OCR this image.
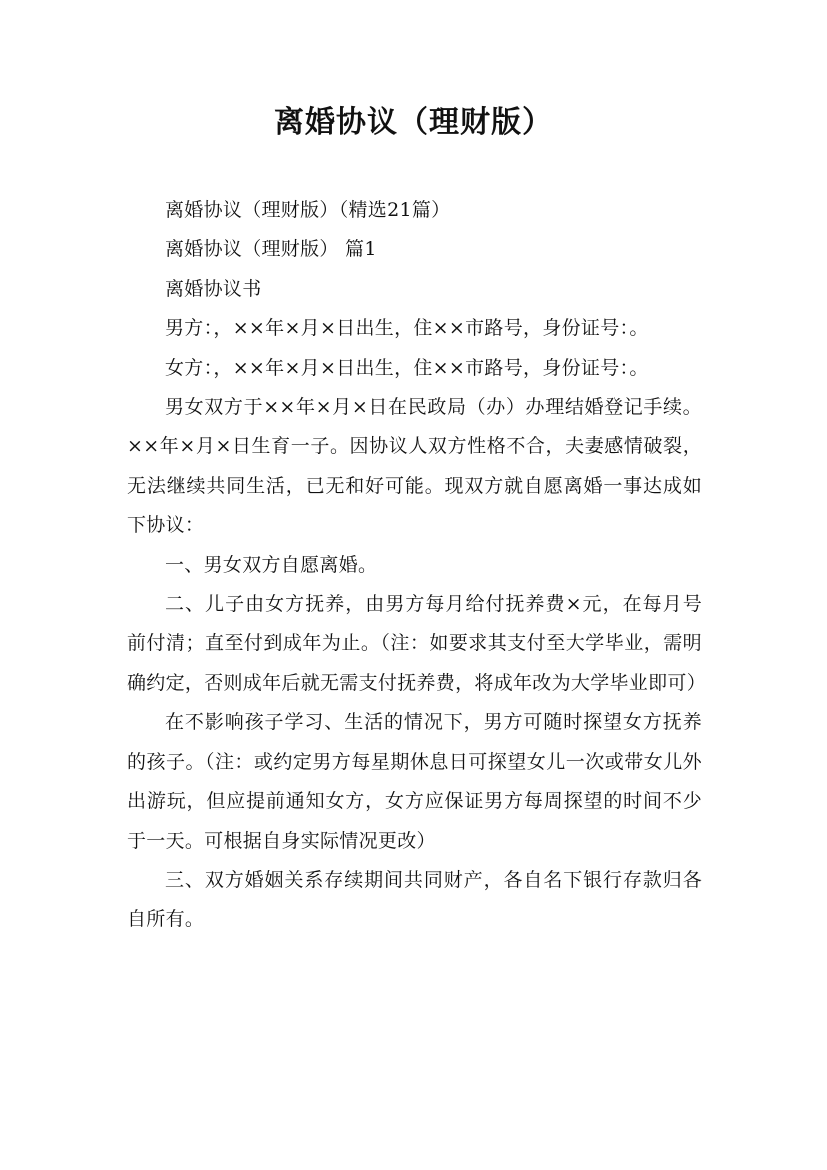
离婚协议（理财版）

离婚协议（理财版）（精选21篇）

离婚协议（理财版） 篇1

离婚协议书

男方：，××年×月×日出生，住××市路号，身份证号：。

女方：，××年×月×日出生，住××市路号，身份证号：。

男女双方于××年×月×日在民政局（办）办理结婚登记手续。××年×月×日生育一子。因协议人双方性格不合，夫妻感情破裂，无法继续共同生活，已无和好可能。现双方就自愿离婚一事达成如下协议：

一、男女双方自愿离婚。

二、儿子由女方抚养，由男方每月给付抚养费×元，在每月号前付清；直至付到成年为止。（注：如要求其支付至大学毕业，需明确约定，否则成年后就无需支付抚养费，将成年改为大学毕业即可）

在不影响孩子学习、生活的情况下，男方可随时探望女方抚养的孩子。（注：或约定男方每星期休息日可探望女儿一次或带女儿外出游玩，但应提前通知女方，女方应保证男方每周探望的时间不少于一天。可根据自身实际情况更改）

三、双方婚姻关系存续期间共同财产，各自名下银行存款归各自所有。
